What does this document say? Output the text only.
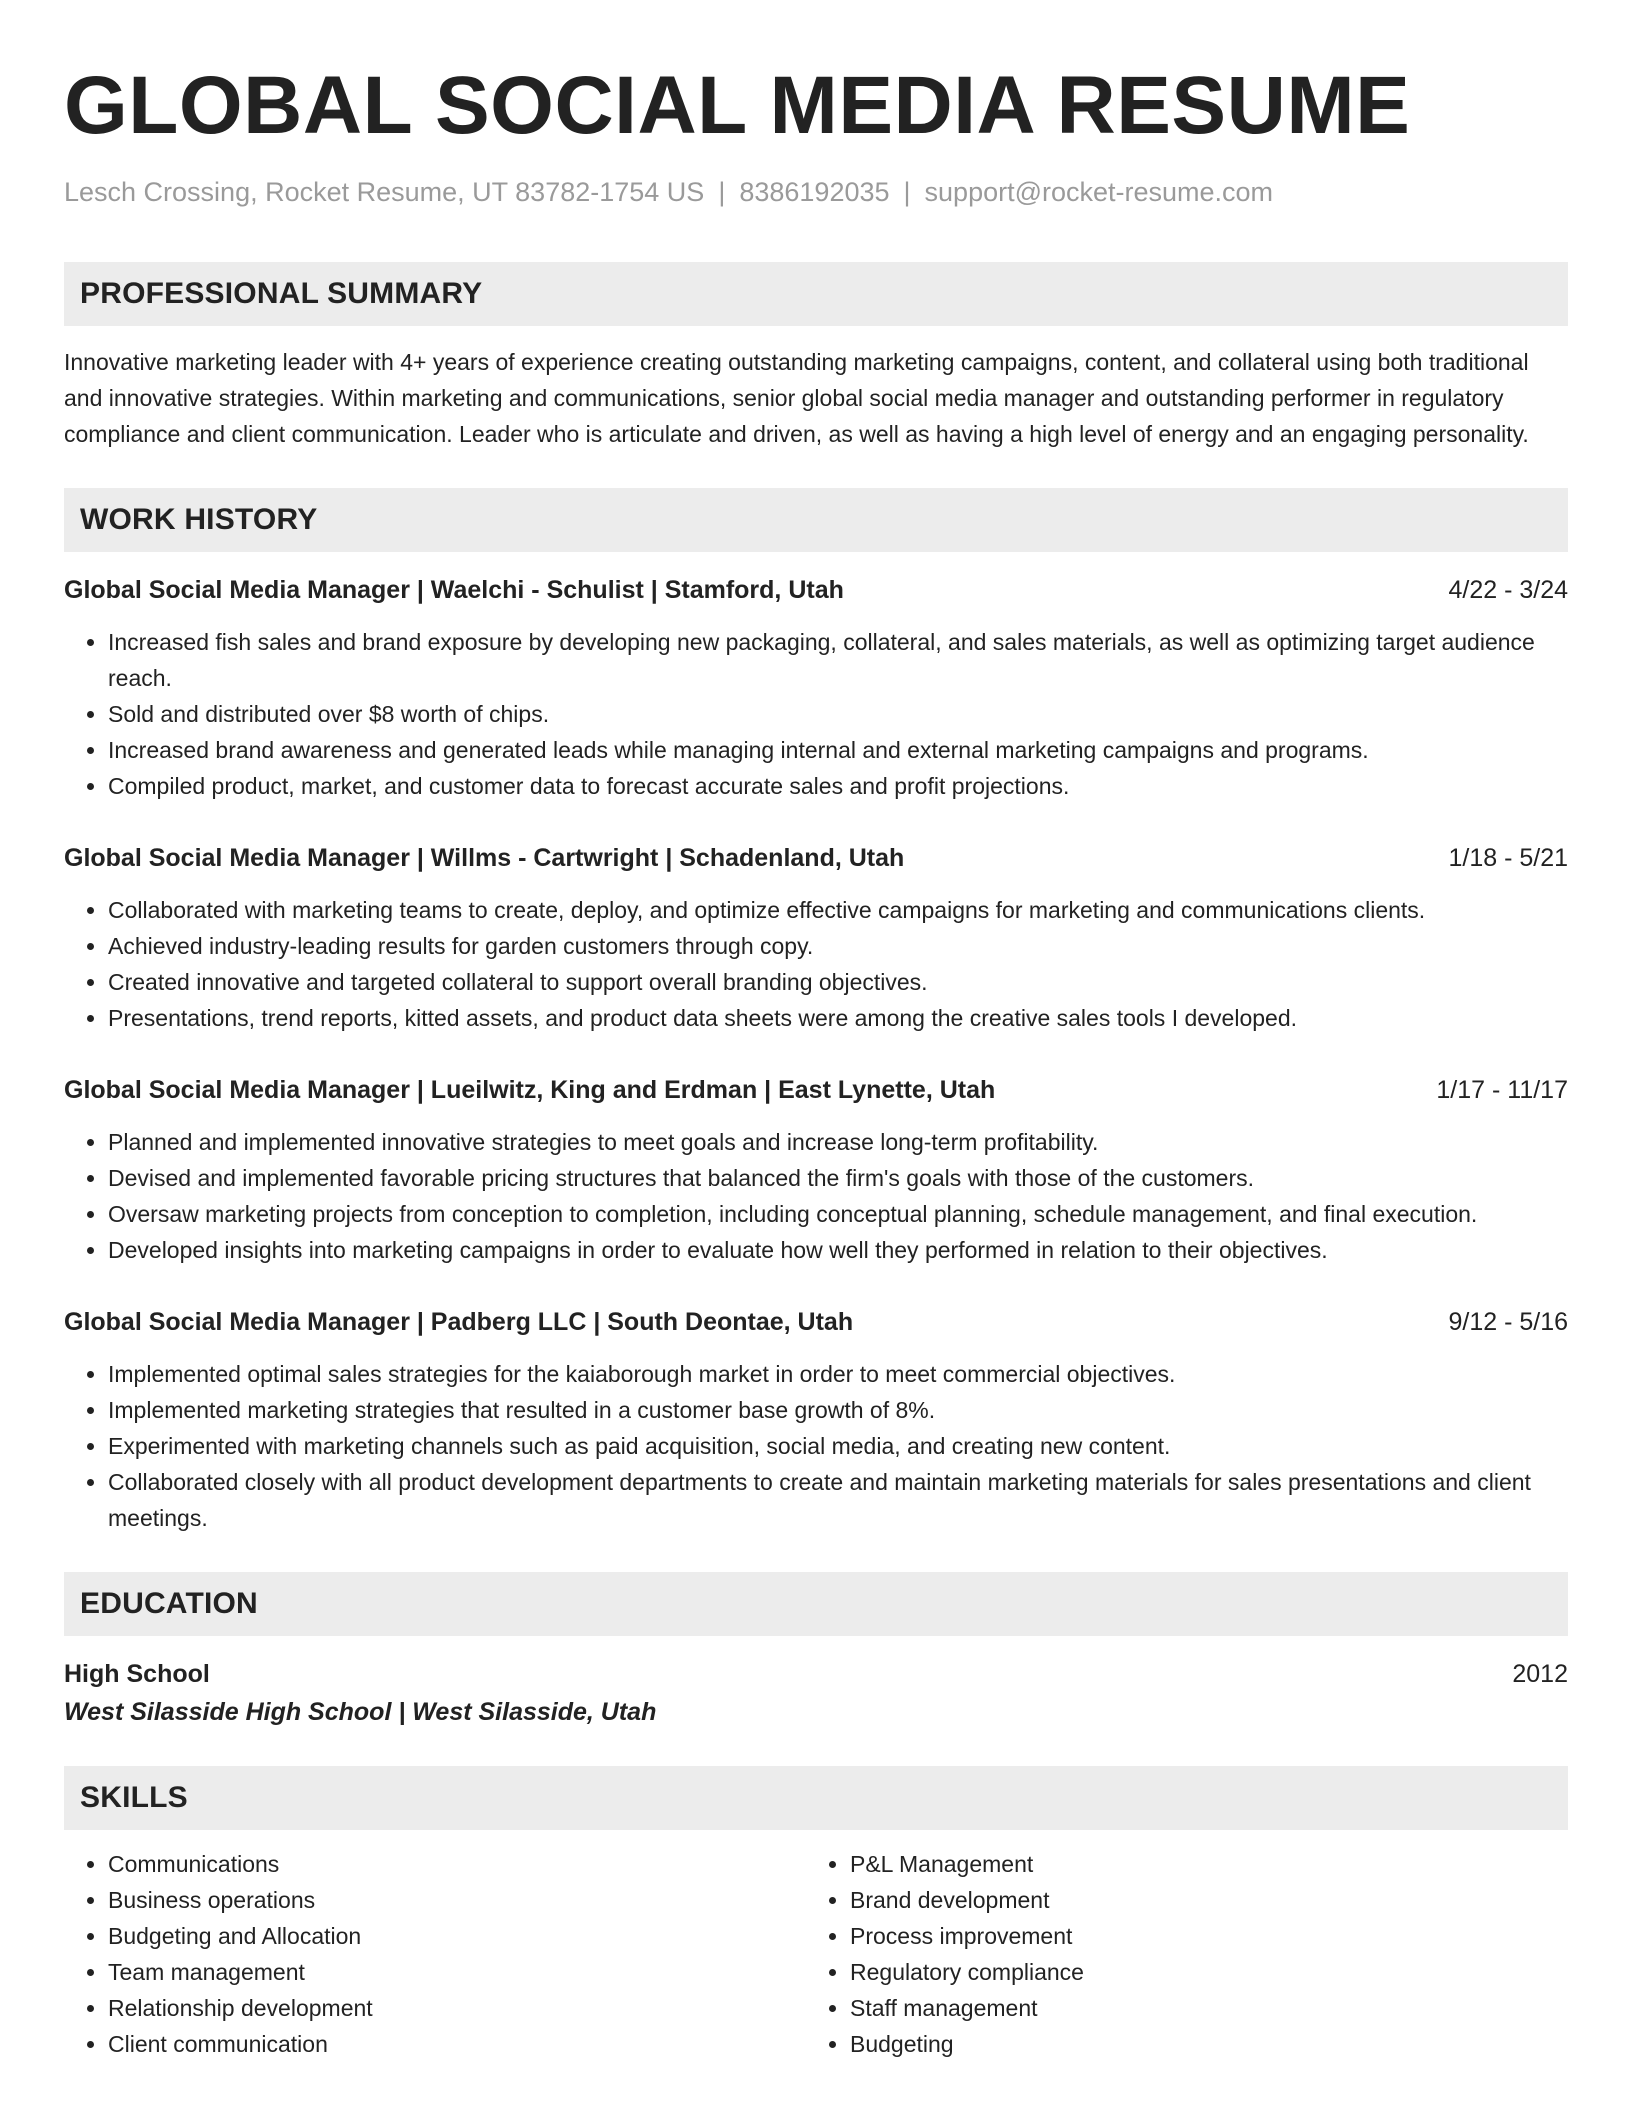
GLOBAL SOCIAL MEDIA RESUME
Lesch Crossing, Rocket Resume, UT 83782-1754 US | 8386192035 | support@rocket-resume.com
PROFESSIONAL SUMMARY

Innovative marketing leader with 4+ years of experience creating outstanding marketing campaigns, content, and collateral using both traditional and innovative strategies. Within marketing and communications, senior global social media manager and outstanding performer in regulatory compliance and client communication. Leader who is articulate and driven, as well as having a high level of energy and an engaging personality.

WORK HISTORY
Global Social Media Manager | Waelchi - Schulist | Stamford, Utah	4/22 - 3/24
• Increased fish sales and brand exposure by developing new packaging, collateral, and sales materials, as well as optimizing target audience reach.
• Sold and distributed over $8 worth of chips.
• Increased brand awareness and generated leads while managing internal and external marketing campaigns and programs.
• Compiled product, market, and customer data to forecast accurate sales and profit projections.
Global Social Media Manager | Willms - Cartwright | Schadenland, Utah	1/18 - 5/21
• Collaborated with marketing teams to create, deploy, and optimize effective campaigns for marketing and communications clients.
• Achieved industry-leading results for garden customers through copy.
• Created innovative and targeted collateral to support overall branding objectives.
• Presentations, trend reports, kitted assets, and product data sheets were among the creative sales tools I developed.
Global Social Media Manager | Lueilwitz, King and Erdman | East Lynette, Utah	1/17 - 11/17
• Planned and implemented innovative strategies to meet goals and increase long-term profitability.
• Devised and implemented favorable pricing structures that balanced the firm's goals with those of the customers.
• Oversaw marketing projects from conception to completion, including conceptual planning, schedule management, and final execution.
• Developed insights into marketing campaigns in order to evaluate how well they performed in relation to their objectives.
Global Social Media Manager | Padberg LLC | South Deontae, Utah	9/12 - 5/16
• Implemented optimal sales strategies for the kaiaborough market in order to meet commercial objectives.
• Implemented marketing strategies that resulted in a customer base growth of 8%.
• Experimented with marketing channels such as paid acquisition, social media, and creating new content.
• Collaborated closely with all product development departments to create and maintain marketing materials for sales presentations and client meetings.
EDUCATION
High School	2012
West Silasside High School | West Silasside, Utah
SKILLS
• Communications
• Business operations
• Budgeting and Allocation
• Team management
• Relationship development
• Client communication
• P&L Management
• Brand development
• Process improvement
• Regulatory compliance
• Staff management
• Budgeting
